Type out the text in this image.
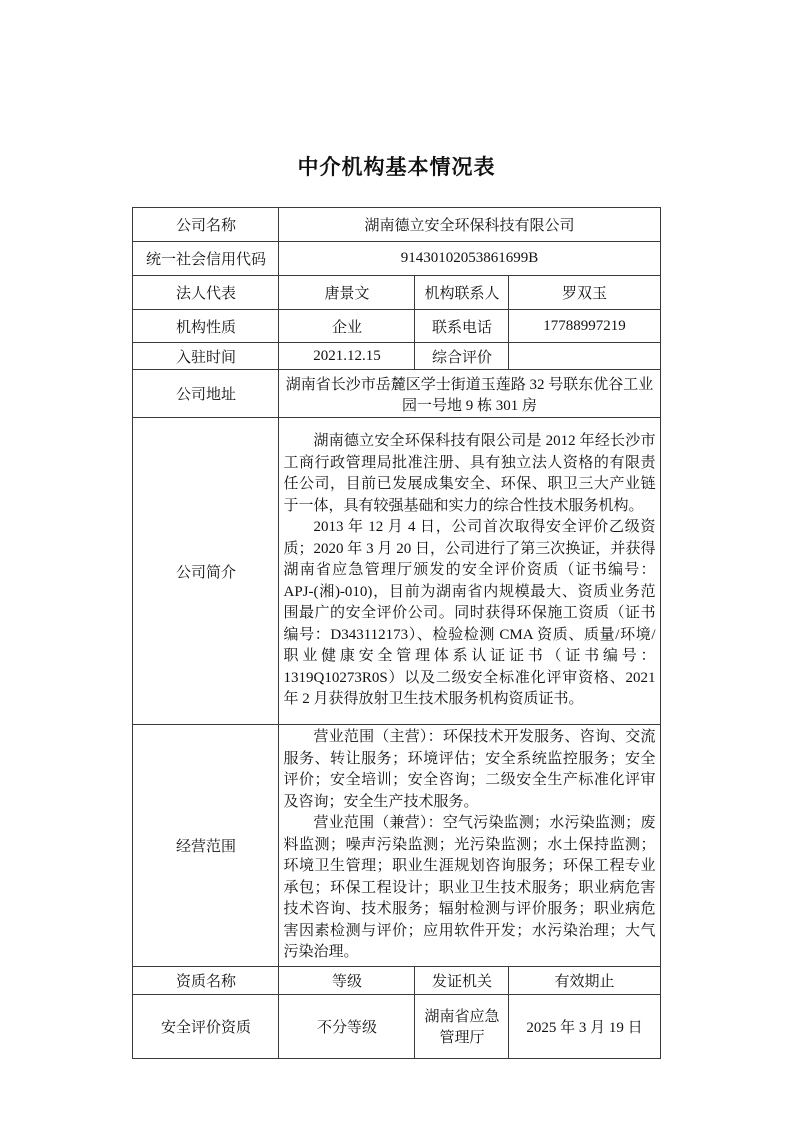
中介机构基本情况表
公司名称	湖南德立安全环保科技有限公司		
统一社会信用代码	91430102053861699B		
法人代表	唐景文	机构联系人	罗双玉
机构性质	企业	联系电话	17788997219
入驻时间	2021.12.15	综合评价	
公司地址	湖南省长沙市岳麓区学士街道玉莲路 32 号联东优谷工业园一号地 9 栋 301 房		
公司简介	湖南德立安全环保科技有限公司是 2012 年经长沙市工商行政管理局批准注册、具有独立法人资格的有限责任公司，目前已发展成集安全、环保、职卫三大产业链于一体，具有较强基础和实力的综合性技术服务机构。

2013 年 12 月 4 日，公司首次取得安全评价乙级资质；2020 年 3 月 20 日，公司进行了第三次换证，并获得湖南省应急管理厅颁发的安全评价资质（证书编号：APJ-(湘)-010)，目前为湖南省内规模最大、资质业务范围最广的安全评价公司。同时获得环保施工资质（证书编号：D343112173）、检验检测 CMA 资质、质量/环境/职业健康安全管理体系认证证书（证书编号：1319Q10273R0S）以及二级安全标准化评审资格、2021 年 2 月获得放射卫生技术服务机构资质证书。		

经营范围	营业范围（主营）：环保技术开发服务、咨询、交流服务、转让服务；环境评估；安全系统监控服务；安全评价；安全培训；安全咨询；二级安全生产标准化评审及咨询；安全生产技术服务。

营业范围（兼营）：空气污染监测；水污染监测；废料监测；噪声污染监测；光污染监测；水土保持监测；环境卫生管理；职业生涯规划咨询服务；环保工程专业承包；环保工程设计；职业卫生技术服务；职业病危害技术咨询、技术服务；辐射检测与评价服务；职业病危害因素检测与评价；应用软件开发；水污染治理；大气污染治理。		

资质名称	等级	发证机关	有效期止
安全评价资质	不分等级	湖南省应急管理厅	2025 年 3 月 19 日
